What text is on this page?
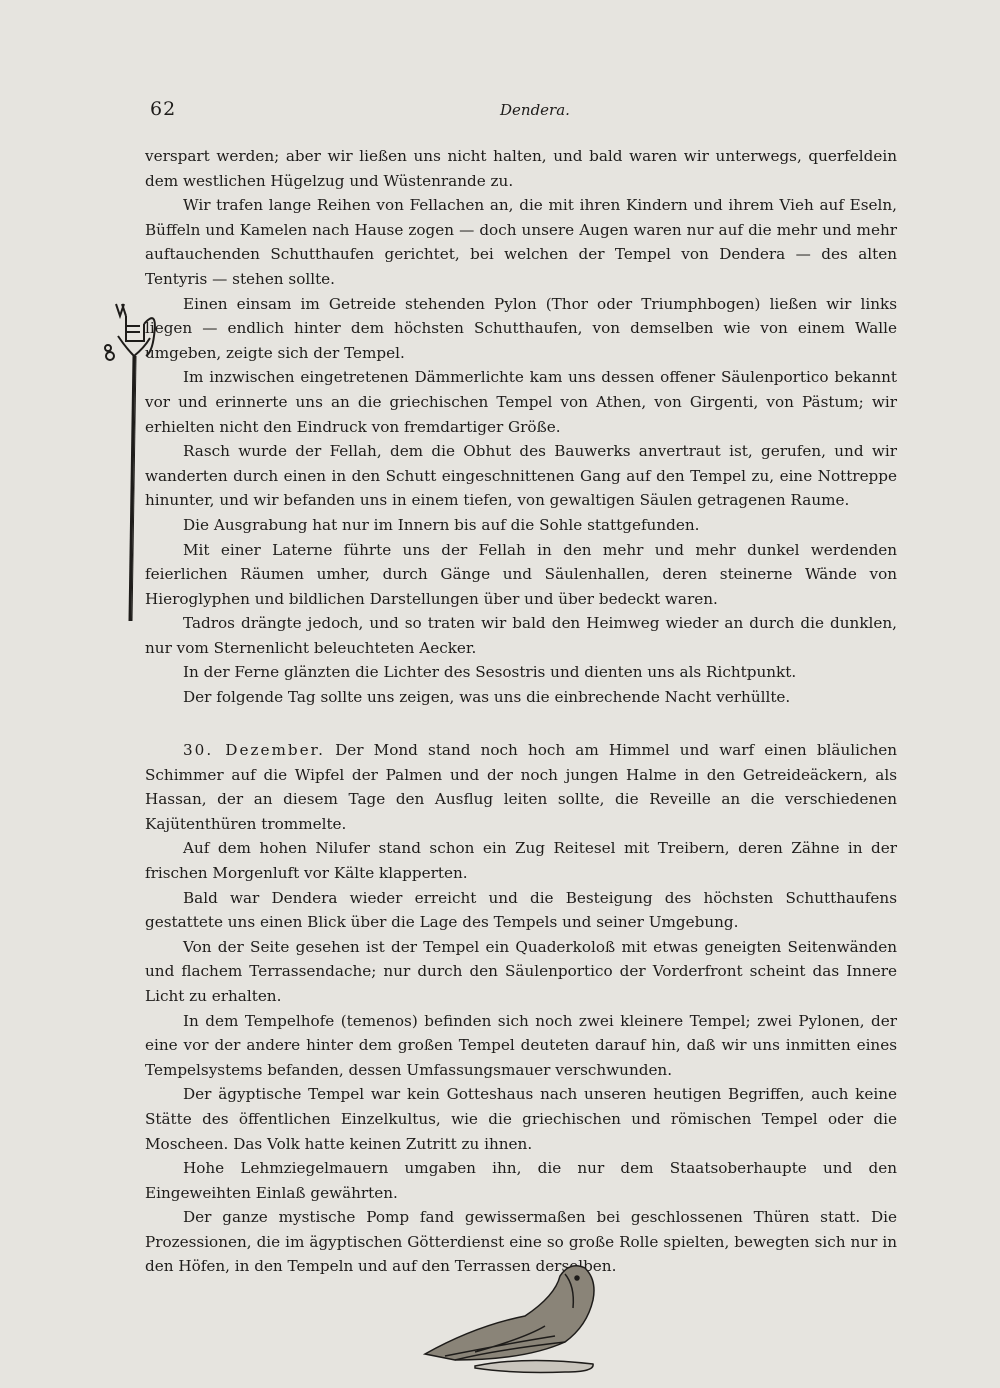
62	Dendera.

verspart werden; aber wir ließen uns nicht halten, und bald waren wir unterwegs, querfeldein dem westlichen Hügelzug und Wüstenrande zu.

Wir trafen lange Reihen von Fellachen an, die mit ihren Kindern und ihrem Vieh auf Eseln, Büffeln und Kamelen nach Hause zogen — doch unsere Augen waren nur auf die mehr und mehr auftauchenden Schutthaufen gerichtet, bei welchen der Tempel von Dendera — des alten Tentyris — stehen sollte.

Einen einsam im Getreide stehenden Pylon (Thor oder Triumphbogen) ließen wir links liegen — endlich hinter dem höchsten Schutthaufen, von demselben wie von einem Walle umgeben, zeigte sich der Tempel.

Im inzwischen eingetretenen Dämmerlichte kam uns dessen offener Säulenportico bekannt vor und erinnerte uns an die griechischen Tempel von Athen, von Girgenti, von Pästum; wir erhielten nicht den Eindruck von fremdartiger Größe.

Rasch wurde der Fellah, dem die Obhut des Bauwerks anvertraut ist, gerufen, und wir wanderten durch einen in den Schutt eingeschnittenen Gang auf den Tempel zu, eine Nottreppe hinunter, und wir befanden uns in einem tiefen, von gewaltigen Säulen getragenen Raume.

Die Ausgrabung hat nur im Innern bis auf die Sohle stattgefunden.

Mit einer Laterne führte uns der Fellah in den mehr und mehr dunkel werdenden feierlichen Räumen umher, durch Gänge und Säulenhallen, deren steinerne Wände von Hieroglyphen und bildlichen Darstellungen über und über bedeckt waren.

Tadros drängte jedoch, und so traten wir bald den Heimweg wieder an durch die dunklen, nur vom Sternenlicht beleuchteten Aecker.

In der Ferne glänzten die Lichter des Sesostris und dienten uns als Richtpunkt.

Der folgende Tag sollte uns zeigen, was uns die einbrechende Nacht verhüllte.

30. Dezember. Der Mond stand noch hoch am Himmel und warf einen bläulichen Schimmer auf die Wipfel der Palmen und der noch jungen Halme in den Getreideäckern, als Hassan, der an diesem Tage den Ausflug leiten sollte, die Reveille an die verschiedenen Kajütenthüren trommelte.

Auf dem hohen Nilufer stand schon ein Zug Reitesel mit Treibern, deren Zähne in der frischen Morgenluft vor Kälte klapperten.

Bald war Dendera wieder erreicht und die Besteigung des höchsten Schutthaufens gestattete uns einen Blick über die Lage des Tempels und seiner Umgebung.

Von der Seite gesehen ist der Tempel ein Quaderkoloß mit etwas geneigten Seitenwänden und flachem Terrassendache; nur durch den Säulenportico der Vorderfront scheint das Innere Licht zu erhalten.

In dem Tempelhofe (temenos) befinden sich noch zwei kleinere Tempel; zwei Pylonen, der eine vor der andere hinter dem großen Tempel deuteten darauf hin, daß wir uns inmitten eines Tempelsystems befanden, dessen Umfassungsmauer verschwunden.

Der ägyptische Tempel war kein Gotteshaus nach unseren heutigen Begriffen, auch keine Stätte des öffentlichen Einzelkultus, wie die griechischen und römischen Tempel oder die Moscheen. Das Volk hatte keinen Zutritt zu ihnen.

Hohe Lehmziegelmauern umgaben ihn, die nur dem Staatsoberhaupte und den Eingeweihten Einlaß gewährten.

Der ganze mystische Pomp fand gewissermaßen bei geschlossenen Thüren statt. Die Prozessionen, die im ägyptischen Götterdienst eine so große Rolle spielten, bewegten sich nur in den Höfen, in den Tempeln und auf den Terrassen derselben.
